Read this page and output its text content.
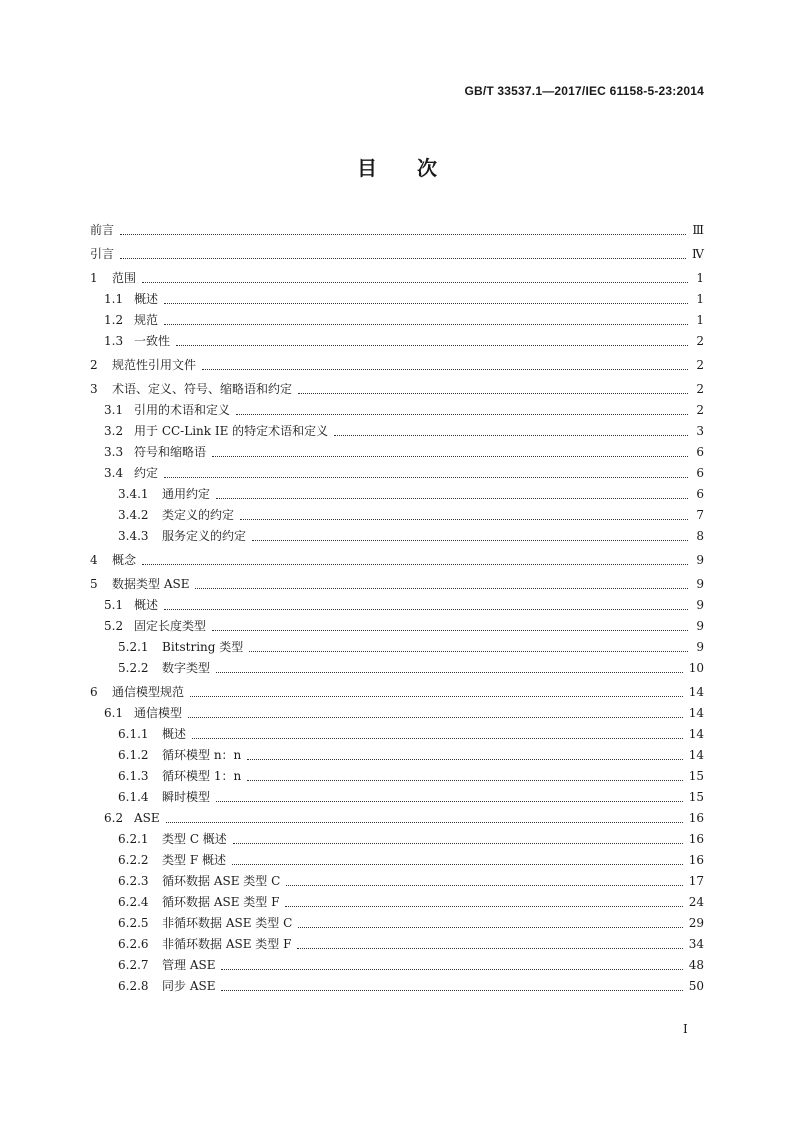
GB/T 33537.1—2017/IEC 61158-5-23:2014
目　　次
前言	Ⅲ
引言	Ⅳ
1	范围	1
1.1 概述	1
1.2 规范	1
1.3 一致性	2
2	规范性引用文件	2
3	术语、定义、符号、缩略语和约定	2
3.1 引用的术语和定义	2
3.2 用于 CC-Link IE 的特定术语和定义	3
3.3 符号和缩略语	6
3.4 约定	6
3.4.1	通用约定	6
3.4.2	类定义的约定	7
3.4.3	服务定义的约定	8
4	概念	9
5	数据类型 ASE	9
5.1 概述	9
5.2 固定长度类型	9
5.2.1	Bitstring 类型	9
5.2.2	数字类型	10
6	通信模型规范	14
6.1 通信模型	14
6.1.1	概述	14
6.1.2	循环模型 n：n	14
6.1.3	循环模型 1：n	15
6.1.4	瞬时模型	15
6.2 ASE	16
6.2.1	类型 C 概述	16
6.2.2	类型 F 概述	16
6.2.3	循环数据 ASE 类型 C	17
6.2.4	循环数据 ASE 类型 F	24
6.2.5	非循环数据 ASE 类型 C	29
6.2.6	非循环数据 ASE 类型 F	34
6.2.7	管理 ASE	48
6.2.8	同步 ASE	50
Ⅰ
